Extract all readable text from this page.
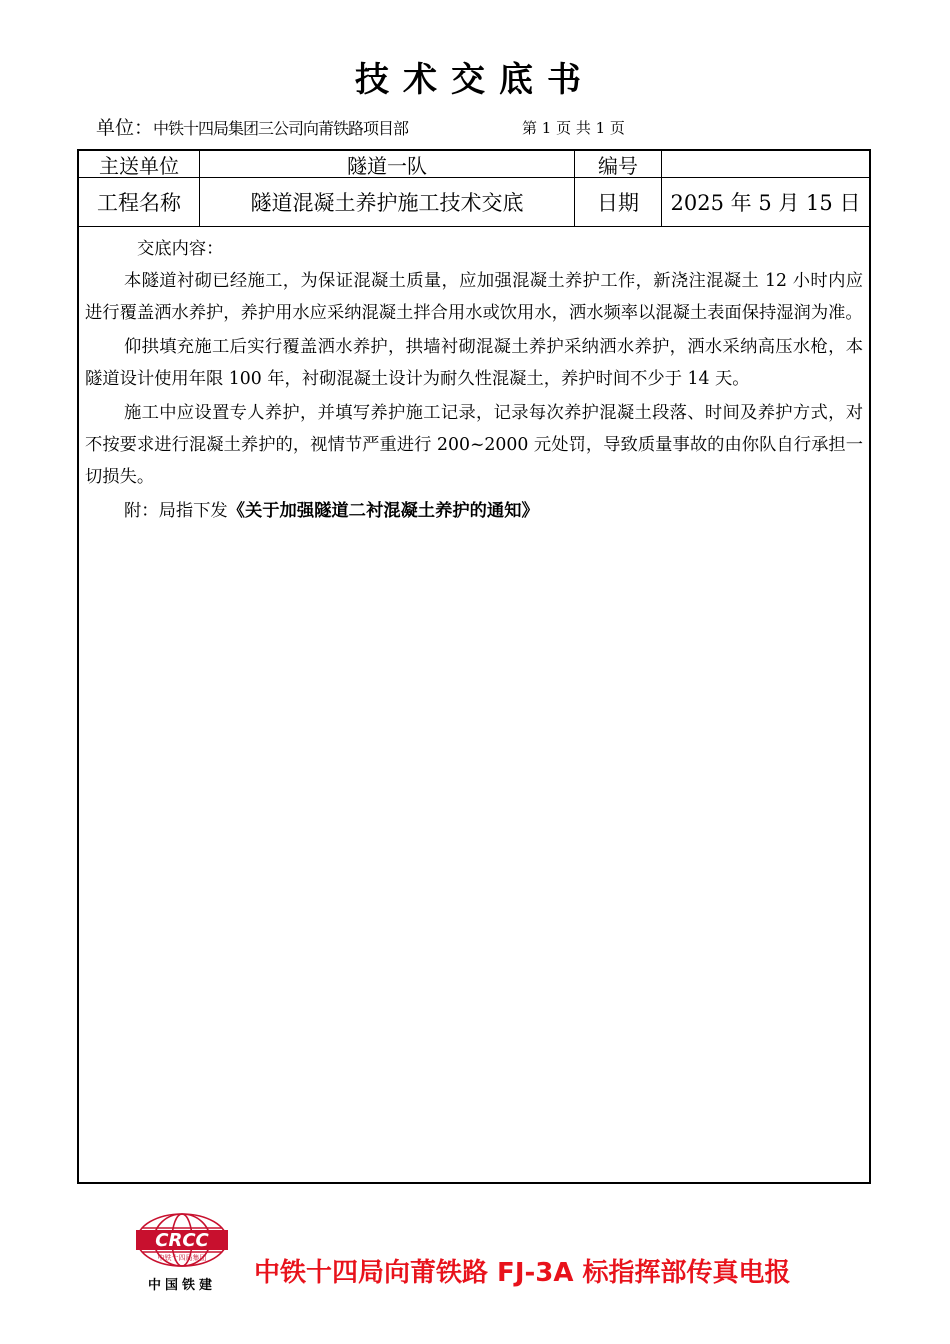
技术交底书
单位：中铁十四局集团三公司向莆铁路项目部	第 1 页 共 1 页
主送单位	隧道一队	编号
工程名称	隧道混凝土养护施工技术交底	日期	2025 年 5 月 15 日
交底内容：

本隧道衬砌已经施工，为保证混凝土质量，应加强混凝土养护工作，新浇注混凝土 12 小时内应进行覆盖洒水养护，养护用水应采纳混凝土拌合用水或饮用水，洒水频率以混凝土表面保持湿润为准。

仰拱填充施工后实行覆盖洒水养护，拱墙衬砌混凝土养护采纳洒水养护，洒水采纳高压水枪，本隧道设计使用年限 100 年，衬砌混凝土设计为耐久性混凝土，养护时间不少于 14 天。

施工中应设置专人养护，并填写养护施工记录，记录每次养护混凝土段落、时间及养护方式，对不按要求进行混凝土养护的，视情节严重进行 200~2000 元处罚，导致质量事故的由你队自行承担一切损失。

附：局指下发《关于加强隧道二衬混凝土养护的通知》

CRCC
中铁十四局集团
中国铁建	中铁十四局向莆铁路 FJ-3A 标指挥部传真电报
